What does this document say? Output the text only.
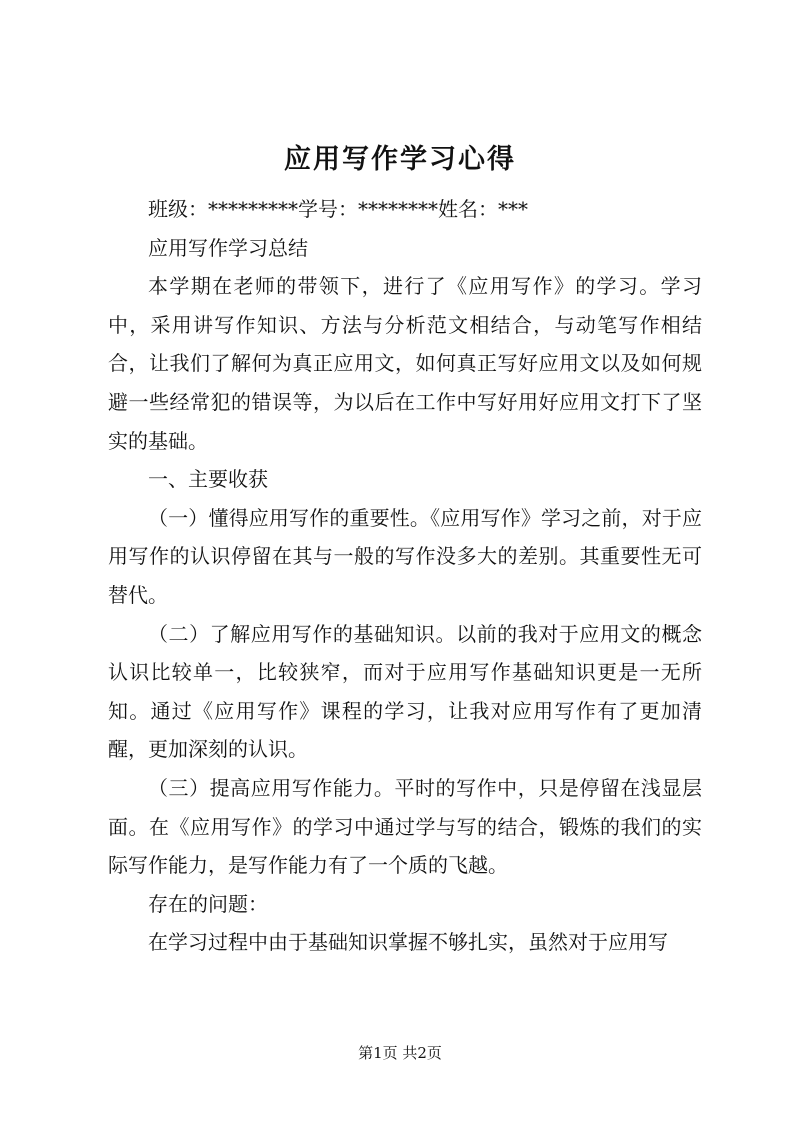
应用写作学习心得

班级：*********学号：********姓名：***

应用写作学习总结

本学期在老师的带领下，进行了《应用写作》的学习。学习中，采用讲写作知识、方法与分析范文相结合，与动笔写作相结合，让我们了解何为真正应用文，如何真正写好应用文以及如何规避一些经常犯的错误等，为以后在工作中写好用好应用文打下了坚实的基础。

一、主要收获

（一）懂得应用写作的重要性。《应用写作》学习之前，对于应用写作的认识停留在其与一般的写作没多大的差别。其重要性无可替代。

（二）了解应用写作的基础知识。以前的我对于应用文的概念认识比较单一，比较狭窄，而对于应用写作基础知识更是一无所知。通过《应用写作》课程的学习，让我对应用写作有了更加清醒，更加深刻的认识。

（三）提高应用写作能力。平时的写作中，只是停留在浅显层面。在《应用写作》的学习中通过学与写的结合，锻炼的我们的实际写作能力，是写作能力有了一个质的飞越。

存在的问题：

在学习过程中由于基础知识掌握不够扎实，虽然对于应用写

第1页 共2页
